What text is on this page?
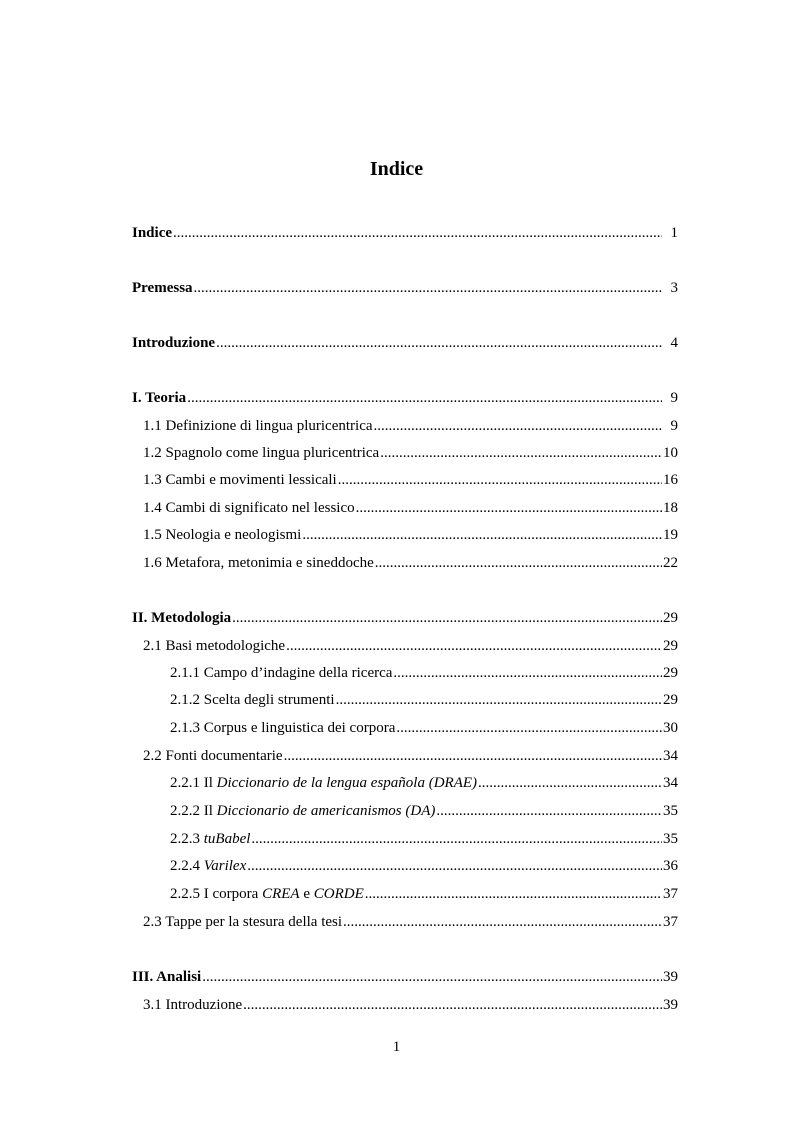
Indice
Indice .....	1
Premessa .....	3
Introduzione .....	4
I. Teoria .....	9
1.1 Definizione di lingua pluricentrica .....	9
1.2 Spagnolo come lingua pluricentrica .....	10
1.3 Cambi e movimenti lessicali .....	16
1.4 Cambi di significato nel lessico .....	18
1.5 Neologia e neologismi .....	19
1.6 Metafora, metonimia e sineddoche .....	22
II. Metodologia .....	29
2.1 Basi metodologiche .....	29
2.1.1 Campo d’indagine della ricerca .....	29
2.1.2 Scelta degli strumenti .....	29
2.1.3 Corpus e linguistica dei corpora .....	30
2.2 Fonti documentarie .....	34
2.2.1 Il Diccionario de la lengua española (DRAE) .....	34
2.2.2 Il Diccionario de americanismos (DA) .....	35
2.2.3 tuBabel .....	35
2.2.4 Varilex .....	36
2.2.5 I corpora CREA e CORDE .....	37
2.3 Tappe per la stesura della tesi .....	37
III. Analisi .....	39
3.1 Introduzione .....	39
1
